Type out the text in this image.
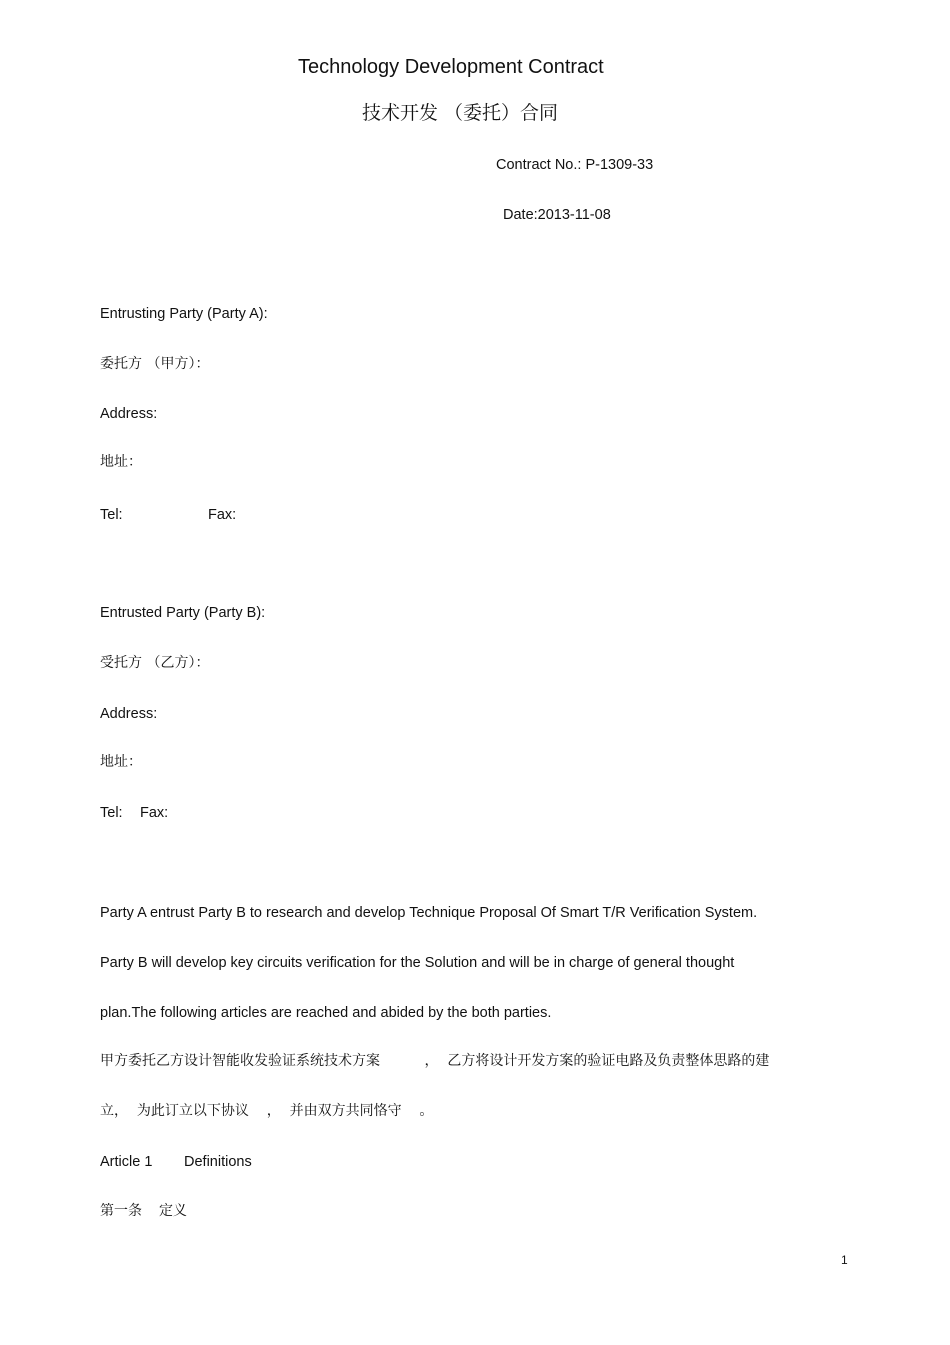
Technology Development Contract
技术开发 （委托）合同
Contract No.: P-1309-33
Date:2013-11-08
Entrusting Party (Party A):
委托方 （甲方）：
Address:
地址：
Tel:	Fax:
Entrusted Party (Party B):
受托方 （乙方）：
Address:
地址：
Tel: Fax:
Party A entrust Party B to research and develop Technique Proposal Of Smart T/R Verification System.
Party B will develop key circuits verification for the Solution and will be in charge of general thought
plan.The following articles are reached and abided by the both parties.
甲方委托乙方设计智能收发验证系统技术方案          ，  乙方将设计开发方案的验证电路及负责整体思路的建
立，  为此订立以下协议    ，  并由双方共同恪守    。
Article 1 Definitions
第一条 定义
1
